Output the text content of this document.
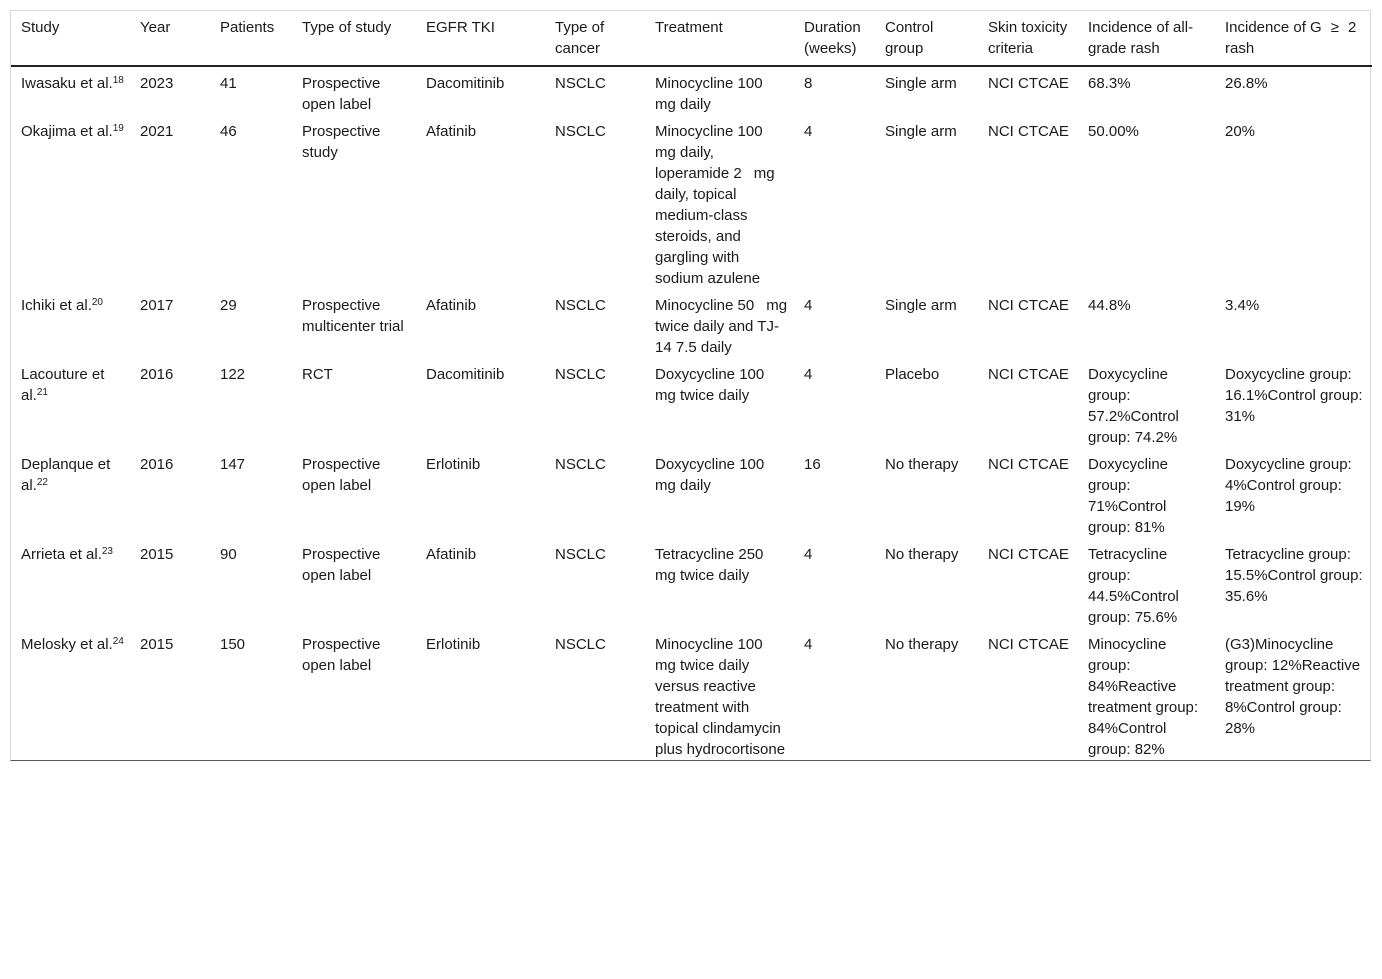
Study	Year	Patients	Type of study	EGFR TKI	Type of cancer	Treatment	Duration (weeks)	Control group	Skin toxicity criteria	Incidence of all-grade rash	Incidence of G   ≥   2 rash
Iwasaku et al.$^{18}$	2023	41	Prospective open label	Dacomitinib	NSCLC	Minocycline 100    mg daily	8	Single arm	NCI CTCAE	68.3%	26.8%
Okajima et al.$^{19}$	2021	46	Prospective study	Afatinib	NSCLC	Minocycline 100    mg daily, loperamide 2    mg daily, topical medium-class steroids, and gargling with sodium azulene	4	Single arm	NCI CTCAE	50.00%	20%
Ichiki et al.$^{20}$	2017	29	Prospective multicenter trial	Afatinib	NSCLC	Minocycline 50    mg twice daily and TJ-14 7.5 daily	4	Single arm	NCI CTCAE	44.8%	3.4%
Lacouture et al.$^{21}$	2016	122	RCT	Dacomitinib	NSCLC	Doxycycline 100    mg twice daily	4	Placebo	NCI CTCAE	Doxycycline group: 57.2%Control group: 74.2%	Doxycycline group: 16.1%Control group: 31%
Deplanque et al.$^{22}$	2016	147	Prospective open label	Erlotinib	NSCLC	Doxycycline 100    mg daily	16	No therapy	NCI CTCAE	Doxycycline group: 71%Control group: 81%	Doxycycline group: 4%Control group: 19%
Arrieta et al.$^{23}$	2015	90	Prospective open label	Afatinib	NSCLC	Tetracycline 250    mg twice daily	4	No therapy	NCI CTCAE	Tetracycline group: 44.5%Control group: 75.6%	Tetracycline group: 15.5%Control group: 35.6%
Melosky et al.$^{24}$	2015	150	Prospective open label	Erlotinib	NSCLC	Minocycline 100    mg twice daily versus reactive treatment with topical clindamycin plus hydrocortisone	4	No therapy	NCI CTCAE	Minocycline group: 84%Reactive treatment group: 84%Control group: 82%	(G3)Minocycline group: 12%Reactive treatment group: 8%Control group: 28%
